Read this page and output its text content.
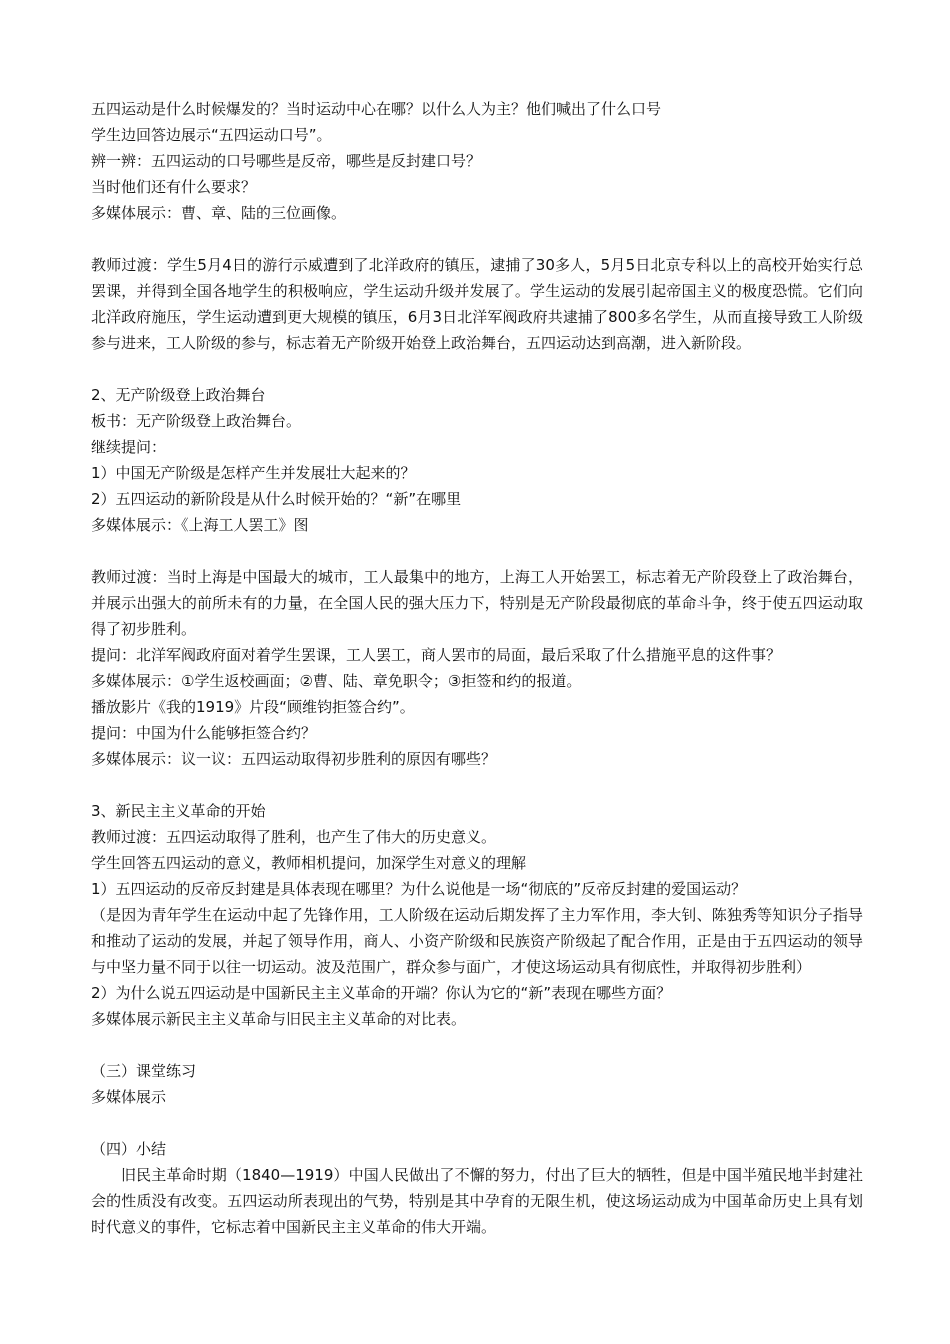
五四运动是什么时候爆发的？当时运动中心在哪？以什么人为主？他们喊出了什么口号
学生边回答边展示“五四运动口号”。
辨一辨：五四运动的口号哪些是反帝，哪些是反封建口号？
当时他们还有什么要求？
多媒体展示：曹、章、陆的三位画像。
教师过渡：学生5月4日的游行示威遭到了北洋政府的镇压，逮捕了30多人，5月5日北京专科以上的高校开始实行总罢课，并得到全国各地学生的积极响应，学生运动升级并发展了。学生运动的发展引起帝国主义的极度恐慌。它们向北洋政府施压，学生运动遭到更大规模的镇压，6月3日北洋军阀政府共逮捕了800多名学生，从而直接导致工人阶级参与进来，工人阶级的参与，标志着无产阶级开始登上政治舞台，五四运动达到高潮，进入新阶段。
2、无产阶级登上政治舞台
板书：无产阶级登上政治舞台。
继续提问：
1）中国无产阶级是怎样产生并发展壮大起来的？
2）五四运动的新阶段是从什么时候开始的？“新”在哪里
多媒体展示：《上海工人罢工》图
教师过渡：当时上海是中国最大的城市，工人最集中的地方，上海工人开始罢工，标志着无产阶段登上了政治舞台，并展示出强大的前所未有的力量，在全国人民的强大压力下，特别是无产阶段最彻底的革命斗争，终于使五四运动取得了初步胜利。
提问：北洋军阀政府面对着学生罢课，工人罢工，商人罢市的局面，最后采取了什么措施平息的这件事？
多媒体展示：①学生返校画面；②曹、陆、章免职令；③拒签和约的报道。
播放影片《我的1919》片段“顾维钧拒签合约”。
提问：中国为什么能够拒签合约？
多媒体展示：议一议：五四运动取得初步胜利的原因有哪些？
3、新民主主义革命的开始
教师过渡：五四运动取得了胜利，也产生了伟大的历史意义。
学生回答五四运动的意义，教师相机提问，加深学生对意义的理解
1）五四运动的反帝反封建是具体表现在哪里？为什么说他是一场“彻底的”反帝反封建的爱国运动？
（是因为青年学生在运动中起了先锋作用，工人阶级在运动后期发挥了主力军作用，李大钊、陈独秀等知识分子指导和推动了运动的发展，并起了领导作用，商人、小资产阶级和民族资产阶级起了配合作用，正是由于五四运动的领导与中坚力量不同于以往一切运动。波及范围广，群众参与面广，才使这场运动具有彻底性，并取得初步胜利）
2）为什么说五四运动是中国新民主主义革命的开端？你认为它的“新”表现在哪些方面？
多媒体展示新民主主义革命与旧民主主义革命的对比表。
（三）课堂练习
多媒体展示
（四）小结
旧民主革命时期（1840—1919）中国人民做出了不懈的努力，付出了巨大的牺牲，但是中国半殖民地半封建社会的性质没有改变。五四运动所表现出的气势，特别是其中孕育的无限生机，使这场运动成为中国革命历史上具有划时代意义的事件，它标志着中国新民主主义革命的伟大开端。
